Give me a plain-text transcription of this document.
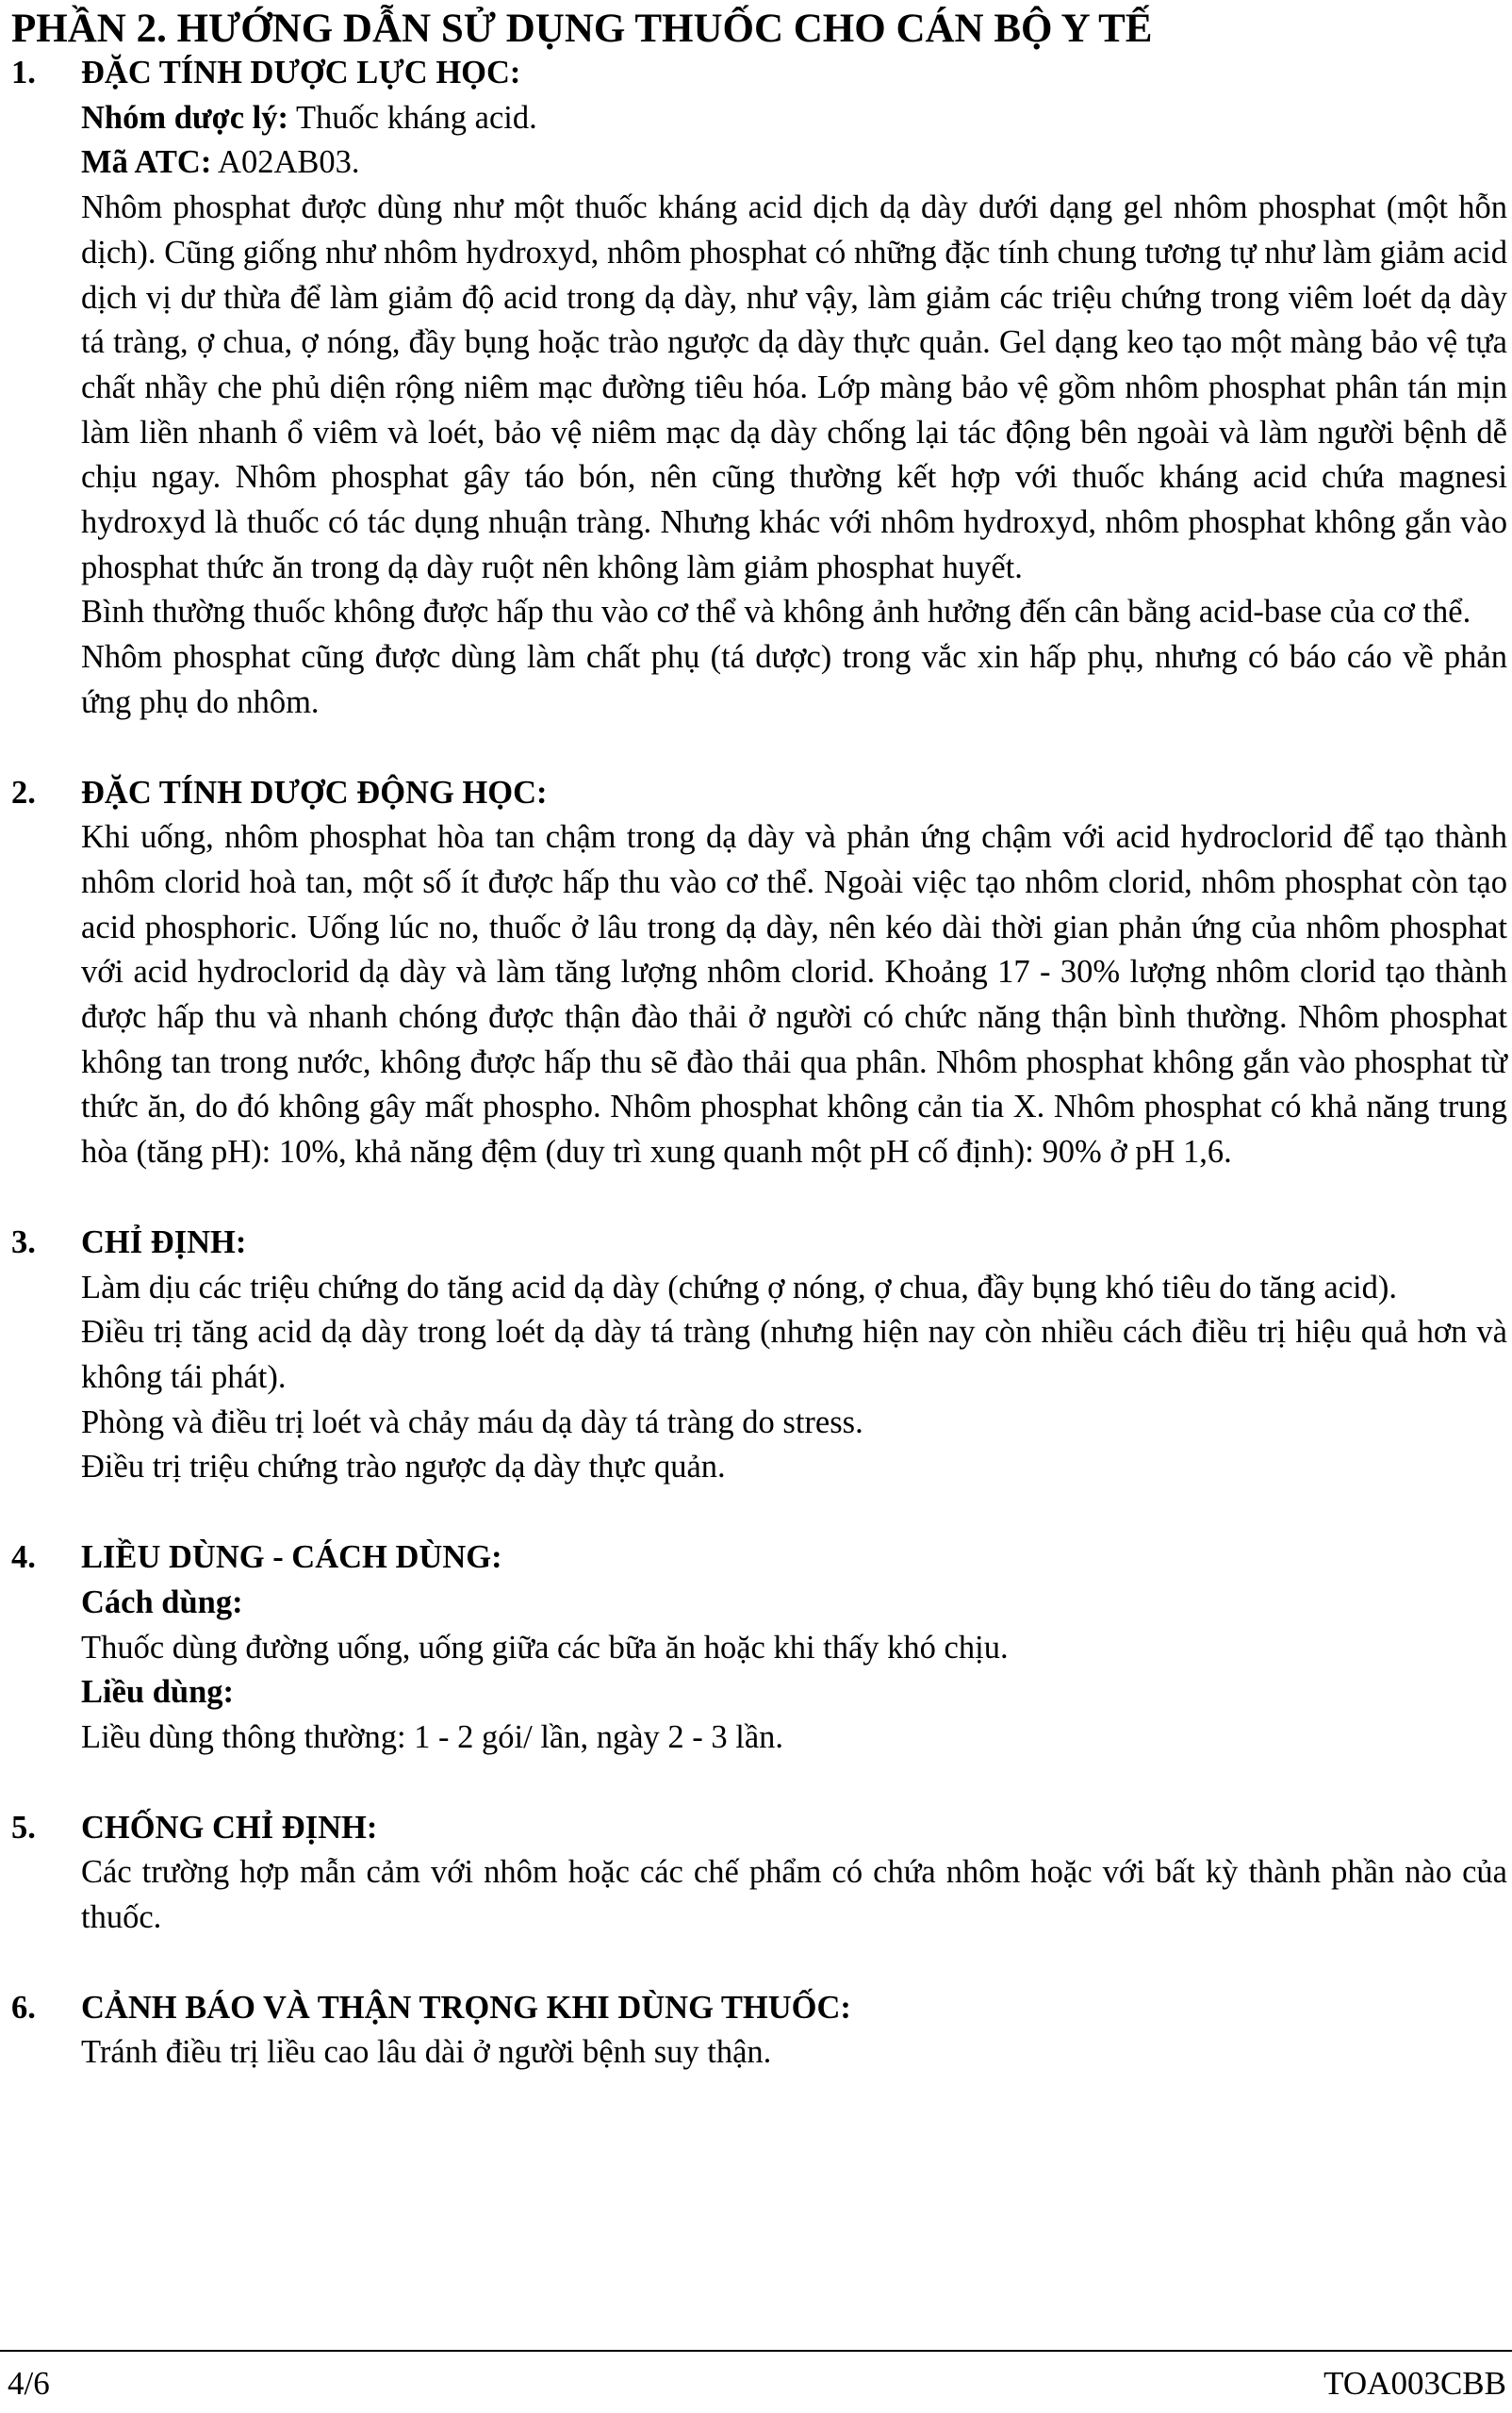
PHẦN 2. HƯỚNG DẪN SỬ DỤNG THUỐC CHO CÁN BỘ Y TẾ
1. ĐẶC TÍNH DƯỢC LỰC HỌC:
Nhóm dược lý: Thuốc kháng acid.
Mã ATC: A02AB03.

Nhôm phosphat được dùng như một thuốc kháng acid dịch dạ dày dưới dạng gel nhôm phosphat (một hỗn dịch). Cũng giống như nhôm hydroxyd, nhôm phosphat có những đặc tính chung tương tự như làm giảm acid dịch vị dư thừa để làm giảm độ acid trong dạ dày, như vậy, làm giảm các triệu chứng trong viêm loét dạ dày tá tràng, ợ chua, ợ nóng, đầy bụng hoặc trào ngược dạ dày thực quản. Gel dạng keo tạo một màng bảo vệ tựa chất nhầy che phủ diện rộng niêm mạc đường tiêu hóa. Lớp màng bảo vệ gồm nhôm phosphat phân tán mịn làm liền nhanh ổ viêm và loét, bảo vệ niêm mạc dạ dày chống lại tác động bên ngoài và làm người bệnh dễ chịu ngay. Nhôm phosphat gây táo bón, nên cũng thường kết hợp với thuốc kháng acid chứa magnesi hydroxyd là thuốc có tác dụng nhuận tràng. Nhưng khác với nhôm hydroxyd, nhôm phosphat không gắn vào phosphat thức ăn trong dạ dày ruột nên không làm giảm phosphat huyết.

Bình thường thuốc không được hấp thu vào cơ thể và không ảnh hưởng đến cân bằng acid-base của cơ thể.

Nhôm phosphat cũng được dùng làm chất phụ (tá dược) trong vắc xin hấp phụ, nhưng có báo cáo về phản ứng phụ do nhôm.

2. ĐẶC TÍNH DƯỢC ĐỘNG HỌC:

Khi uống, nhôm phosphat hòa tan chậm trong dạ dày và phản ứng chậm với acid hydroclorid để tạo thành nhôm clorid hoà tan, một số ít được hấp thu vào cơ thể. Ngoài việc tạo nhôm clorid, nhôm phosphat còn tạo acid phosphoric. Uống lúc no, thuốc ở lâu trong dạ dày, nên kéo dài thời gian phản ứng của nhôm phosphat với acid hydroclorid dạ dày và làm tăng lượng nhôm clorid. Khoảng 17 - 30% lượng nhôm clorid tạo thành được hấp thu và nhanh chóng được thận đào thải ở người có chức năng thận bình thường. Nhôm phosphat không tan trong nước, không được hấp thu sẽ đào thải qua phân. Nhôm phosphat không gắn vào phosphat từ thức ăn, do đó không gây mất phospho. Nhôm phosphat không cản tia X. Nhôm phosphat có khả năng trung hòa (tăng pH): 10%, khả năng đệm (duy trì xung quanh một pH cố định): 90% ở pH 1,6.

3. CHỈ ĐỊNH:

Làm dịu các triệu chứng do tăng acid dạ dày (chứng ợ nóng, ợ chua, đầy bụng khó tiêu do tăng acid).

Điều trị tăng acid dạ dày trong loét dạ dày tá tràng (nhưng hiện nay còn nhiều cách điều trị hiệu quả hơn và không tái phát).

Phòng và điều trị loét và chảy máu dạ dày tá tràng do stress.

Điều trị triệu chứng trào ngược dạ dày thực quản.

4. LIỀU DÙNG - CÁCH DÙNG:
Cách dùng:

Thuốc dùng đường uống, uống giữa các bữa ăn hoặc khi thấy khó chịu.

Liều dùng:

Liều dùng thông thường: 1 - 2 gói/ lần, ngày 2 - 3 lần.

5. CHỐNG CHỈ ĐỊNH:

Các trường hợp mẫn cảm với nhôm hoặc các chế phẩm có chứa nhôm hoặc với bất kỳ thành phần nào của thuốc.

6. CẢNH BÁO VÀ THẬN TRỌNG KHI DÙNG THUỐC:

Tránh điều trị liều cao lâu dài ở người bệnh suy thận.

4/6	TOA003CBB
